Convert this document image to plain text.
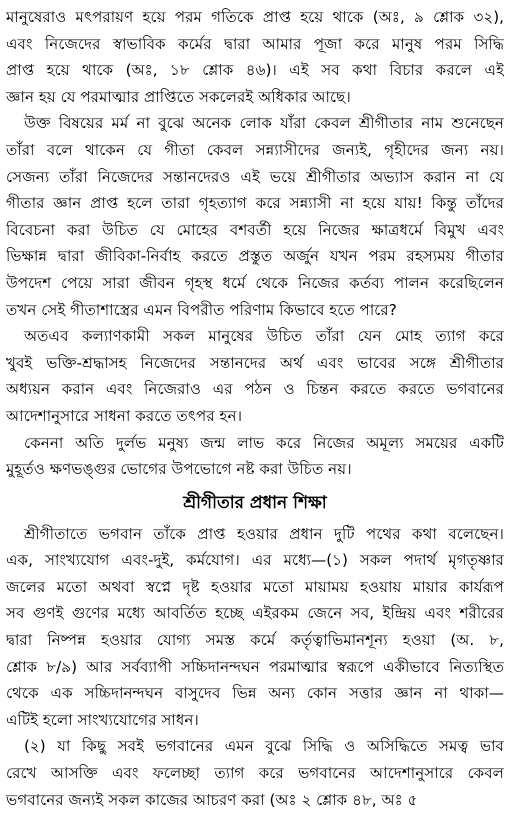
মানুষেরাও মৎপরায়ণ হয়ে পরম গতিকে প্রাপ্ত হয়ে থাকে (অঃ, ৯ শ্লোক ৩২),
এবং নিজেদের স্বাভাবিক কর্মের দ্বারা আমার পূজা করে মানুষ পরম সিদ্ধি
প্রাপ্ত হয়ে থাকে (অঃ, ১৮ শ্লোক ৪৬)। এই সব কথা বিচার করলে এই
জ্ঞান হয় যে পরমাত্মার প্রাপ্তিতে সকলেরই অধিকার আছে।
উক্ত বিষয়ের মর্ম না বুঝে অনেক লোক যাঁরা কেবল শ্রীগীতার নাম শুনেছেন
তাঁরা বলে থাকেন যে গীতা কেবল সন্ন্যাসীদের জন্যই, গৃহীদের জন্য নয়।
সেজন্য তাঁরা নিজেদের সন্তানদেরও এই ভয়ে শ্রীগীতার অভ্যাস করান না যে
গীতার জ্ঞান প্রাপ্ত হলে তারা গৃহত্যাগ করে সন্ন্যাসী না হয়ে যায়! কিন্তু তাঁদের
বিবেচনা করা উচিত যে মোহের বশবর্তী হয়ে নিজের ক্ষাত্রধর্মে বিমুখ এবং
ভিক্ষান্ন দ্বারা জীবিকা-নির্বাহ করতে প্রস্তুত অর্জুন যখন পরম রহস্যময় গীতার
উপদেশ পেয়ে সারা জীবন গৃহস্থ ধর্মে থেকে নিজের কর্তব্য পালন করেছিলেন
তখন সেই গীতাশাস্ত্রের এমন বিপরীত পরিণাম কিভাবে হতে পারে?
অতএব কল্যাণকামী সকল মানুষের উচিত তাঁরা যেন মোহ ত্যাগ করে
খুবই ভক্তি-শ্রদ্ধাসহ নিজেদের সন্তানদের অর্থ এবং ভাবের সঙ্গে শ্রীগীতার
অধ্যয়ন করান এবং নিজেরাও এর পঠন ও চিন্তন করতে করতে ভগবানের
আদেশানুসারে সাধনা করতে তৎপর হন।
কেননা অতি দুর্লভ মনুষ্য জন্ম লাভ করে নিজের অমূল্য সময়ের একটি
মুহূর্তও ক্ষণভঙ্গুর ভোগের উপভোগে নষ্ট করা উচিত নয়।
শ্রীগীতার প্রধান শিক্ষা
শ্রীগীতাতে ভগবান তাঁকে প্রাপ্ত হওয়ার প্রধান দুটি পথের কথা বলেছেন।
এক, সাংখ্যযোগ এবং-দুই, কর্মযোগ। এর মধ্যে—(১) সকল পদার্থ মৃগতৃষ্ণার
জলের মতো অথবা স্বপ্নে দৃষ্ট হওয়ার মতো মায়াময় হওয়ায় মায়ার কার্যরূপ
সব গুণই গুণের মধ্যে আবর্তিত হচ্ছে এইরকম জেনে সব, ইন্দ্রিয় এবং শরীরের
দ্বারা নিষ্পন্ন হওয়ার যোগ্য সমস্ত কর্মে কর্তৃত্বাভিমানশূন্য হওয়া (অ. ৮,
শ্লোক ৮/৯) আর সর্বব্যাপী সচ্চিদানন্দঘন পরমাত্মার স্বরূপে একীভাবে নিত্যস্থিত
থেকে এক সচ্চিদানন্দঘন বাসুদেব ভিন্ন অন্য কোন সত্তার জ্ঞান না থাকা—
এটিই হলো সাংখ্যযোগের সাধন।
(২) যা কিছু সবই ভগবানের এমন বুঝে সিদ্ধি ও অসিদ্ধিতে সমত্ব ভাব
রেখে আসক্তি এবং ফলেচ্ছা ত্যাগ করে ভগবানের আদেশানুসারে কেবল
ভগবানের জন্যই সকল কাজের আচরণ করা (অঃ ২ শ্লোক ৪৮, অঃ ৫
